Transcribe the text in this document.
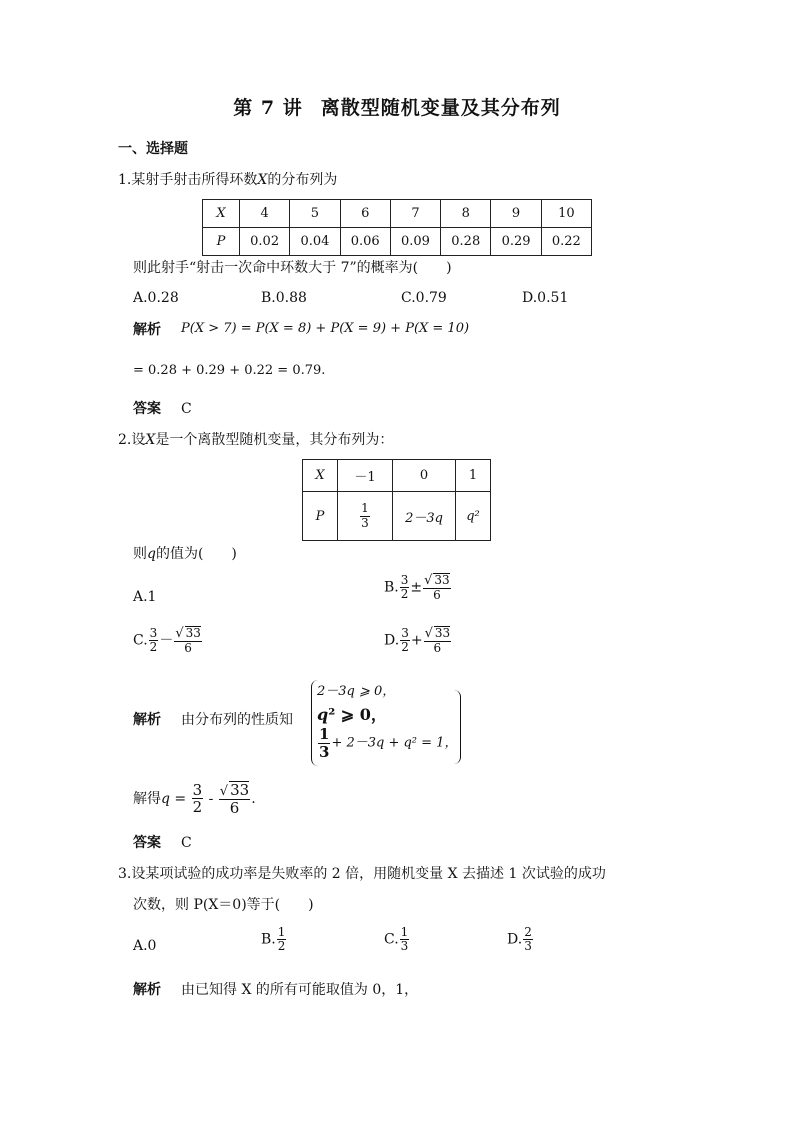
第 7 讲 离散型随机变量及其分布列
一、选择题
1.某射手射击所得环数X的分布列为
X	4	5	6	7	8	9	10
P	0.02	0.04	0.06	0.09	0.28	0.29	0.22
则此射手“射击一次命中环数大于 7”的概率为(　　)
A.0.28	B.0.88	C.0.79	D.0.51
解析 P(X > 7) = P(X = 8) + P(X = 9) + P(X = 10)
= 0.28 + 0.29 + 0.22 = 0.79.
答案 C
2.设X是一个离散型随机变量，其分布列为：
X	－1	0	1
P	$\frac{1}{3}$	2－3q	q²
则q的值为(　　)
A.1
B. $\frac{3}{2} \pm \frac{√ 33}{6}$
C. $\frac{3}{2} - \frac{√ 33}{6}$	D. $\frac{3}{2} + \frac{√ 33}{6}$
解析 由分布列的性质知
2－3q ⩾ 0，
q² ⩾ 0，
$\frac{1}{3} + 2-3q + q^2 = 1$，
解得$q = \frac{3}{2} - \frac{√ 33}{6}$ .
答案 C
3.设某项试验的成功率是失败率的 2 倍，用随机变量 X 去描述 1 次试验的成功
次数，则 P(X＝0)等于(　　)
A.0	B. $\frac{1}{2}$	C. $\frac{1}{3}$	D. $\frac{2}{3}$
解析 由已知得 X 的所有可能取值为 0，1，
